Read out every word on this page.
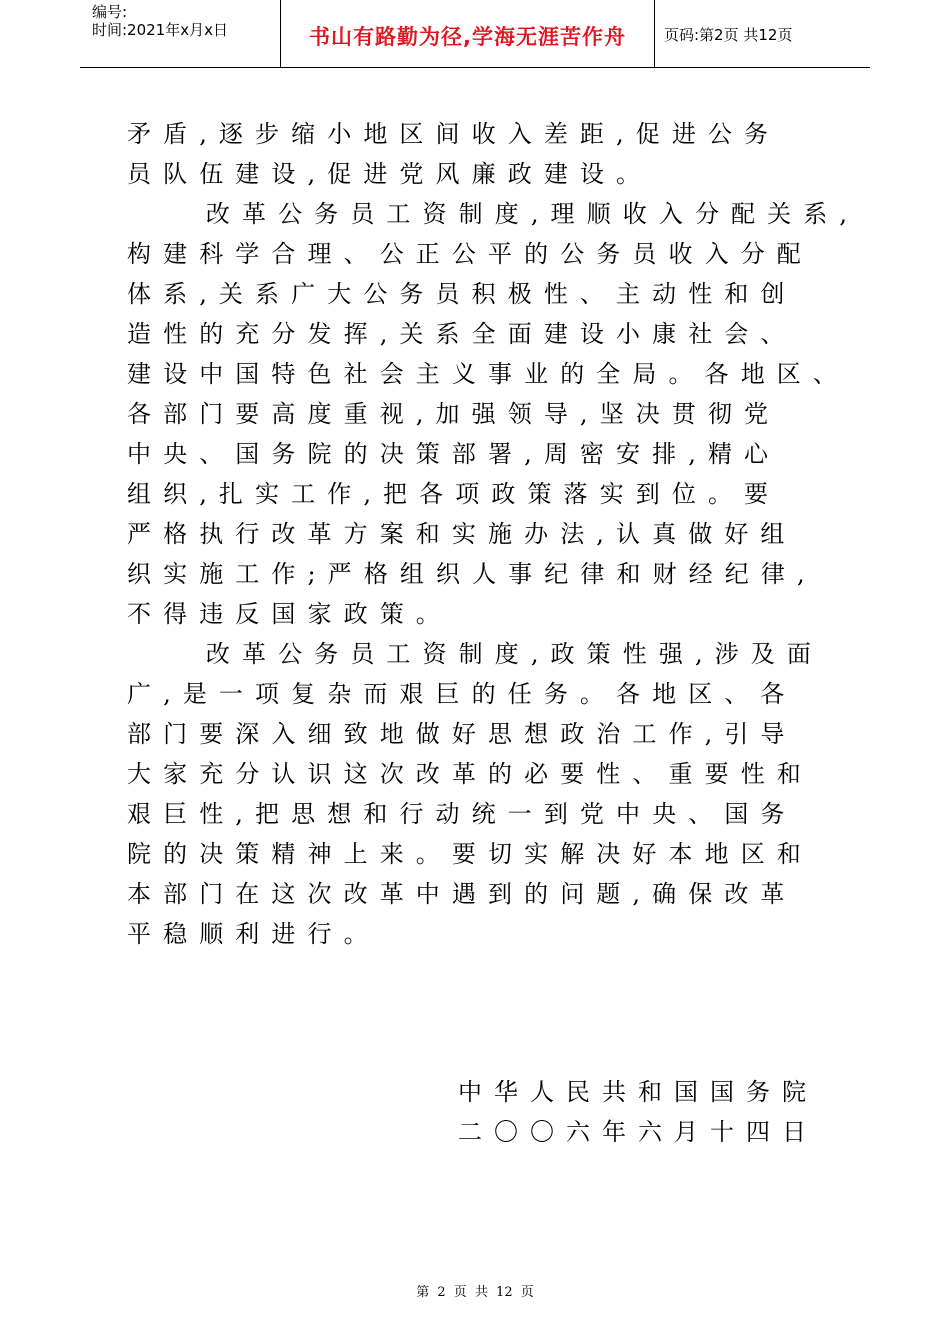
编号:
时间:2021年x月x日	书山有路勤为径,学海无涯苦作舟	页码:第2页 共12页
矛盾,逐步缩小地区间收入差距,促进公务
员队伍建设,促进党风廉政建设。
改革公务员工资制度,理顺收入分配关系,
构建科学合理、公正公平的公务员收入分配
体系,关系广大公务员积极性、主动性和创
造性的充分发挥,关系全面建设小康社会、
建设中国特色社会主义事业的全局。各地区、
各部门要高度重视,加强领导,坚决贯彻党
中央、国务院的决策部署,周密安排,精心
组织,扎实工作,把各项政策落实到位。要
严格执行改革方案和实施办法,认真做好组
织实施工作;严格组织人事纪律和财经纪律,
不得违反国家政策。
改革公务员工资制度,政策性强,涉及面
广,是一项复杂而艰巨的任务。各地区、各
部门要深入细致地做好思想政治工作,引导
大家充分认识这次改革的必要性、重要性和
艰巨性,把思想和行动统一到党中央、国务
院的决策精神上来。要切实解决好本地区和
本部门在这次改革中遇到的问题,确保改革
平稳顺利进行。
中华人民共和国国务院
二〇〇六年六月十四日
第 2 页 共 12 页
